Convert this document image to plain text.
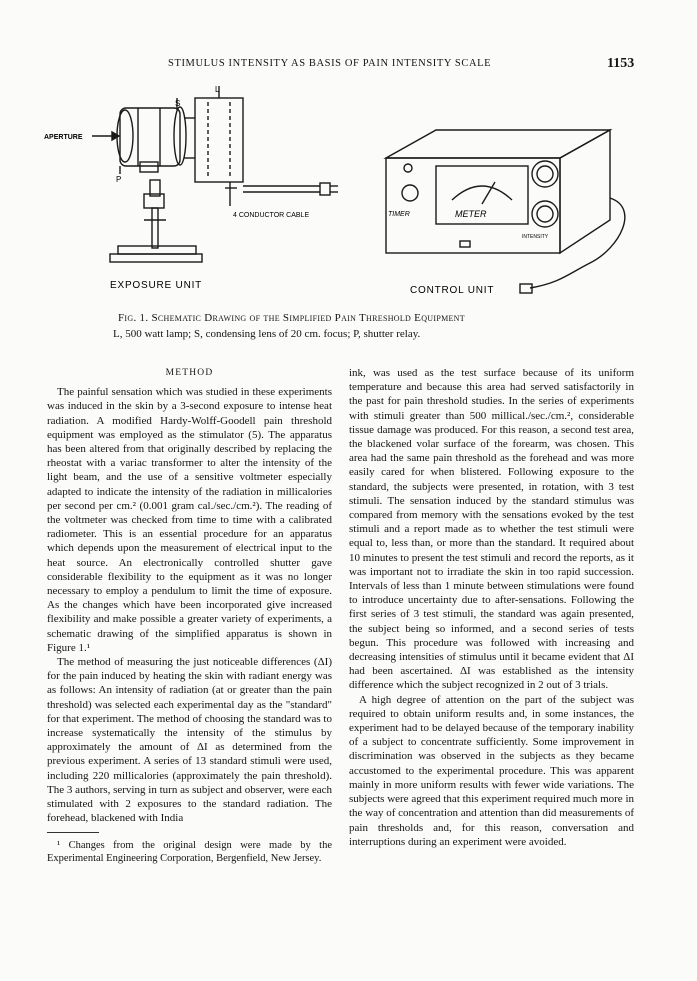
STIMULUS INTENSITY AS BASIS OF PAIN INTENSITY SCALE	1153
APERTURE
S
L
P
4 CONDUCTOR CABLE
EXPOSURE UNIT
TIMER	METER
INTENSITY
CONTROL UNIT
Fig. 1. Schematic Drawing of the Simplified Pain Threshold Equipment
L, 500 watt lamp; S, condensing lens of 20 cm. focus; P, shutter relay.
METHOD

The painful sensation which was studied in these experiments was induced in the skin by a 3-second exposure to intense heat radiation. A modified Hardy-Wolff-Goodell pain threshold equipment was employed as the stimulator (5). The apparatus has been altered from that originally described by replacing the rheostat with a variac transformer to alter the intensity of the light beam, and the use of a sensitive voltmeter especially adapted to indicate the intensity of the radiation in millicalories per second per cm.² (0.001 gram cal./sec./cm.²). The reading of the voltmeter was checked from time to time with a calibrated radiometer. This is an essential procedure for an apparatus which depends upon the measurement of electrical input to the heat source. An electronically controlled shutter gave considerable flexibility to the equipment as it was no longer necessary to employ a pendulum to limit the time of exposure. As the changes which have been incorporated give increased flexibility and make possible a greater variety of experiments, a schematic drawing of the simplified apparatus is shown in Figure 1.¹

The method of measuring the just noticeable differences (ΔI) for the pain induced by heating the skin with radiant energy was as follows: An intensity of radiation (at or greater than the pain threshold) was selected each experimental day as the "standard" for that experiment. The method of choosing the standard was to increase systematically the intensity of the stimulus by approximately the amount of ΔI as determined from the previous experiment. A series of 13 standard stimuli were used, including 220 millicalories (approximately the pain threshold). The 3 authors, serving in turn as subject and observer, were each stimulated with 2 exposures to the standard radiation. The forehead, blackened with India

¹ Changes from the original design were made by the Experimental Engineering Corporation, Bergenfield, New Jersey.

ink, was used as the test surface because of its uniform temperature and because this area had served satisfactorily in the past for pain threshold studies. In the series of experiments with stimuli greater than 500 millical./sec./cm.², considerable tissue damage was produced. For this reason, a second test area, the blackened volar surface of the forearm, was chosen. This area had the same pain threshold as the forehead and was more easily cared for when blistered. Following exposure to the standard, the subjects were presented, in rotation, with 3 test stimuli. The sensation induced by the standard stimulus was compared from memory with the sensations evoked by the test stimuli and a report made as to whether the test stimuli were equal to, less than, or more than the standard. It required about 10 minutes to present the test stimuli and record the reports, as it was important not to irradiate the skin in too rapid succession. Intervals of less than 1 minute between stimulations were found to introduce uncertainty due to after-sensations. Following the first series of 3 test stimuli, the standard was again presented, the subject being so informed, and a second series of tests begun. This procedure was followed with increasing and decreasing intensities of stimulus until it became evident that ΔI had been ascertained. ΔI was established as the intensity difference which the subject recognized in 2 out of 3 trials.

A high degree of attention on the part of the subject was required to obtain uniform results and, in some instances, the experiment had to be delayed because of the temporary inability of a subject to concentrate sufficiently. Some improvement in discrimination was observed in the subjects as they became accustomed to the experimental procedure. This was apparent mainly in more uniform results with fewer wide variations. The subjects were agreed that this experiment required much more in the way of concentration and attention than did measurements of pain thresholds and, for this reason, conversation and interruptions during an experiment were avoided.
